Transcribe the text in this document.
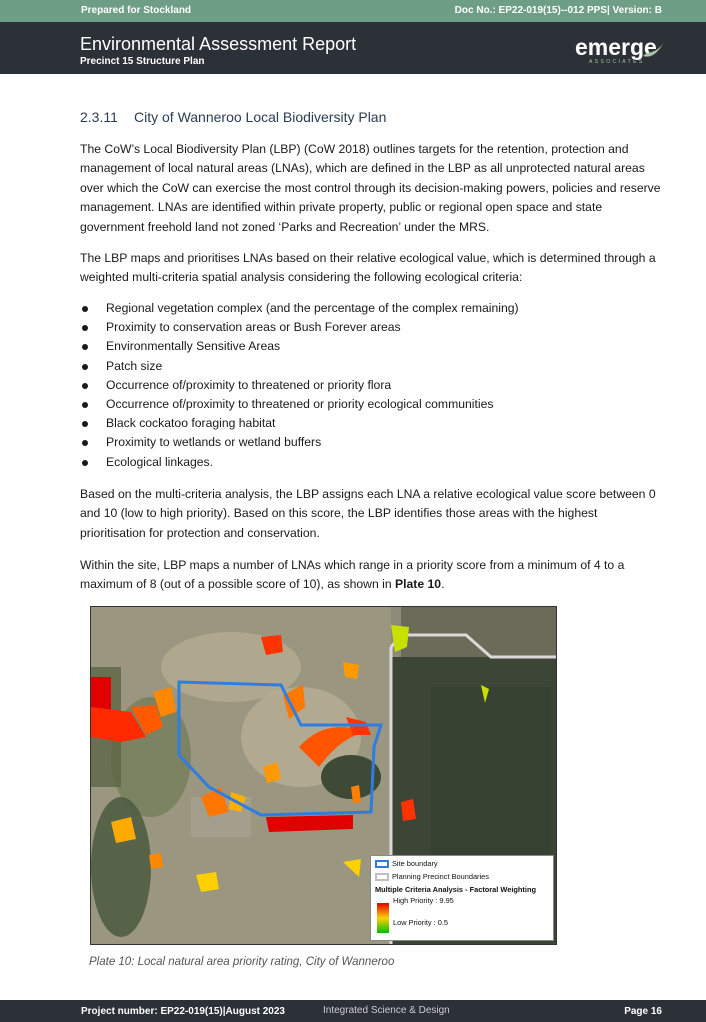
Prepared for Stockland	Doc No.: EP22-019(15)--012 PPS| Version: B
Environmental Assessment Report
Precinct 15 Structure Plan
emerge
ASSOCIATES
2.3.11 City of Wanneroo Local Biodiversity Plan

The CoW’s Local Biodiversity Plan (LBP) (CoW 2018) outlines targets for the retention, protection and management of local natural areas (LNAs), which are defined in the LBP as all unprotected natural areas over which the CoW can exercise the most control through its decision-making powers, policies and reserve management. LNAs are identified within private property, public or regional open space and state government freehold land not zoned ‘Parks and Recreation’ under the MRS.

The LBP maps and prioritises LNAs based on their relative ecological value, which is determined through a weighted multi-criteria spatial analysis considering the following ecological criteria:

Regional vegetation complex (and the percentage of the complex remaining)
Proximity to conservation areas or Bush Forever areas
Environmentally Sensitive Areas
Patch size
Occurrence of/proximity to threatened or priority flora
Occurrence of/proximity to threatened or priority ecological communities
Black cockatoo foraging habitat
Proximity to wetlands or wetland buffers
Ecological linkages.

Based on the multi-criteria analysis, the LBP assigns each LNA a relative ecological value score between 0 and 10 (low to high priority). Based on this score, the LBP identifies those areas with the highest prioritisation for protection and conservation.

Within the site, LBP maps a number of LNAs which range in a priority score from a minimum of 4 to a maximum of 8 (out of a possible score of 10), as shown in Plate 10.

Site boundary
Planning Precinct Boundaries
Multiple Criteria Analysis - Factoral Weighting
High Priority : 9.95
Low Priority : 0.5
Plate 10: Local natural area priority rating, City of Wanneroo
Project number: EP22-019(15)|August 2023	Integrated Science & Design	Page 16
